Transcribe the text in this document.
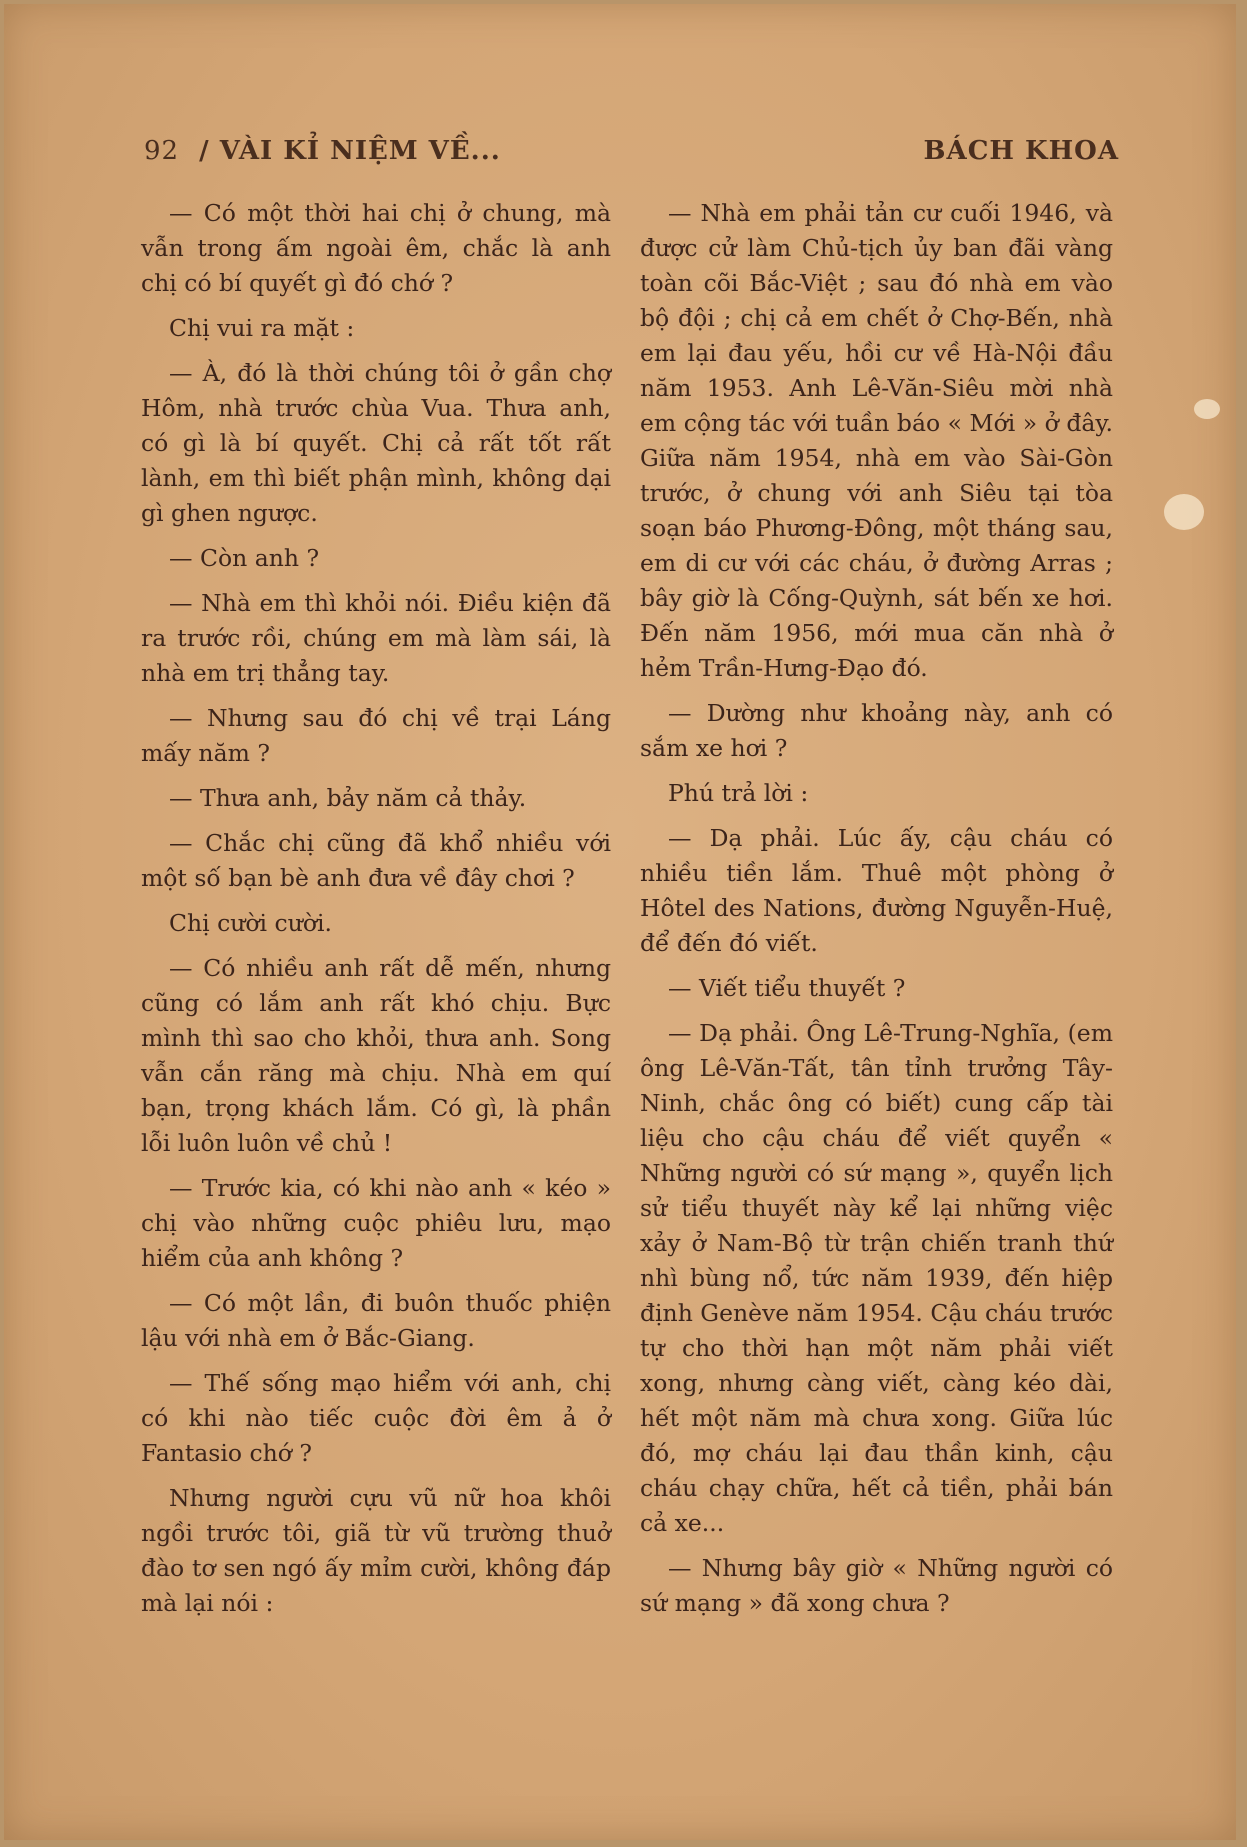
92 / VÀI KỈ NIỆM VỀ...	BÁCH KHOA

— Có một thời hai chị ở chung, mà vẫn trong ấm ngoài êm, chắc là anh chị có bí quyết gì đó chớ ?

Chị vui ra mặt :

— À, đó là thời chúng tôi ở gần chợ Hôm, nhà trước chùa Vua. Thưa anh, có gì là bí quyết. Chị cả rất tốt rất lành, em thì biết phận mình, không dại gì ghen ngược.

— Còn anh ?

— Nhà em thì khỏi nói. Điều kiện đã ra trước rồi, chúng em mà làm sái, là nhà em trị thẳng tay.

— Nhưng sau đó chị về trại Láng mấy năm ?

— Thưa anh, bảy năm cả thảy.

— Chắc chị cũng đã khổ nhiều với một số bạn bè anh đưa về đây chơi ?

Chị cười cười.

— Có nhiều anh rất dễ mến, nhưng cũng có lắm anh rất khó chịu. Bực mình thì sao cho khỏi, thưa anh. Song vẫn cắn răng mà chịu. Nhà em quí bạn, trọng khách lắm. Có gì, là phần lỗi luôn luôn về chủ !

— Trước kia, có khi nào anh « kéo » chị vào những cuộc phiêu lưu, mạo hiểm của anh không ?

— Có một lần, đi buôn thuốc phiện lậu với nhà em ở Bắc-Giang.

— Thế sống mạo hiểm với anh, chị có khi nào tiếc cuộc đời êm ả ở Fantasio chớ ?

Nhưng người cựu vũ nữ hoa khôi ngồi trước tôi, giã từ vũ trường thuở đào tơ sen ngó ấy mỉm cười, không đáp mà lại nói :

— Nhà em phải tản cư cuối 1946, và được cử làm Chủ-tịch ủy ban đãi vàng toàn cõi Bắc-Việt ; sau đó nhà em vào bộ đội ; chị cả em chết ở Chợ-Bến, nhà em lại đau yếu, hồi cư về Hà-Nội đầu năm 1953. Anh Lê-Văn-Siêu mời nhà em cộng tác với tuần báo « Mới » ở đây. Giữa năm 1954, nhà em vào Sài-Gòn trước, ở chung với anh Siêu tại tòa soạn báo Phương-Đông, một tháng sau, em di cư với các cháu, ở đường Arras ; bây giờ là Cống-Quỳnh, sát bến xe hơi. Đến năm 1956, mới mua căn nhà ở hẻm Trần-Hưng-Đạo đó.

— Dường như khoảng này, anh có sắm xe hơi ?

Phú trả lời :

— Dạ phải. Lúc ấy, cậu cháu có nhiều tiền lắm. Thuê một phòng ở Hôtel des Nations, đường Nguyễn-Huệ, để đến đó viết.

— Viết tiểu thuyết ?

— Dạ phải. Ông Lê-Trung-Nghĩa, (em ông Lê-Văn-Tất, tân tỉnh trưởng Tây-Ninh, chắc ông có biết) cung cấp tài liệu cho cậu cháu để viết quyển « Những người có sứ mạng », quyển lịch sử tiểu thuyết này kể lại những việc xảy ở Nam-Bộ từ trận chiến tranh thứ nhì bùng nổ, tức năm 1939, đến hiệp định Genève năm 1954. Cậu cháu trước tự cho thời hạn một năm phải viết xong, nhưng càng viết, càng kéo dài, hết một năm mà chưa xong. Giữa lúc đó, mợ cháu lại đau thần kinh, cậu cháu chạy chữa, hết cả tiền, phải bán cả xe...

— Nhưng bây giờ « Những người có sứ mạng » đã xong chưa ?
